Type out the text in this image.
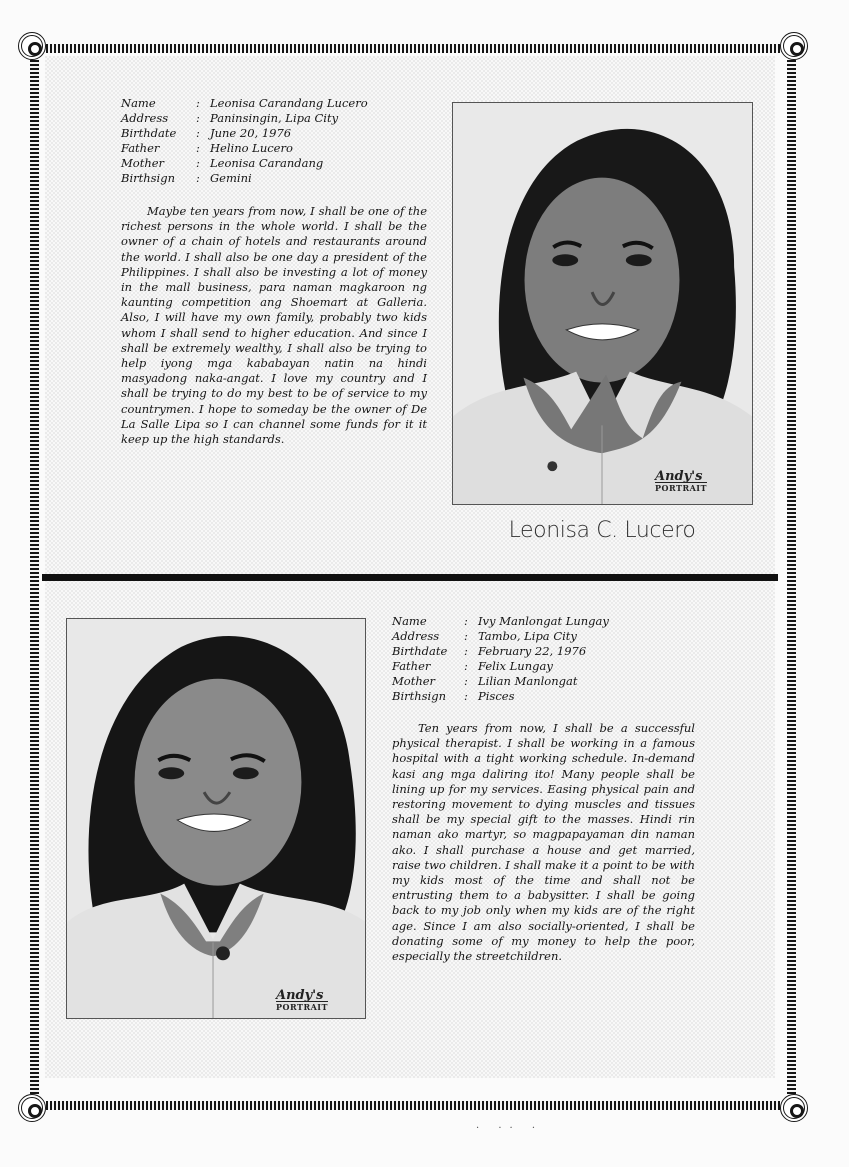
Name	:	Leonisa Carandang Lucero
Address	:	Paninsingin, Lipa City
Birthdate	:	June 20, 1976
Father	:	Helino Lucero
Mother	:	Leonisa Carandang
Birthsign	:	Gemini

Maybe ten years from now, I shall be one of the richest persons in the whole world. I shall be the owner of a chain of hotels and restaurants around the world. I shall also be one day a president of the Philippines. I shall also be investing a lot of money in the mall business, para naman magkaroon ng kaunting competition ang Shoemart at Galleria. Also, I will have my own family, probably two kids whom I shall send to higher education. And since I shall be extremely wealthy, I shall also be trying to help iyong mga kababayan natin na hindi masyadong naka-angat. I love my country and I shall be trying to do my best to be of service to my countrymen. I hope to someday be the owner of De La Salle Lipa so I can channel some funds for it it keep up the high standards.

Andy's
PORTRAIT
Leonisa C. Lucero
Andy's
PORTRAIT
Name	:	Ivy Manlongat Lungay
Address	:	Tambo, Lipa City
Birthdate	:	February 22, 1976
Father	:	Felix Lungay
Mother	:	Lilian Manlongat
Birthsign	:	Pisces

Ten years from now, I shall be a successful physical therapist. I shall be working in a famous hospital with a tight working schedule. In-demand kasi ang mga daliring ito! Many people shall be lining up for my services. Easing physical pain and restoring movement to dying muscles and tissues shall be my special gift to the masses. Hindi rin naman ako martyr, so magpapayaman din naman ako. I shall purchase a house and get married, raise two children. I shall make it a point to be with my kids most of the time and shall not be entrusting them to a babysitter. I shall be going back to my job only when my kids are of the right age. Since I am also socially-oriented, I shall be donating some of my money to help the poor, especially the streetchildren.

· ·· ·
